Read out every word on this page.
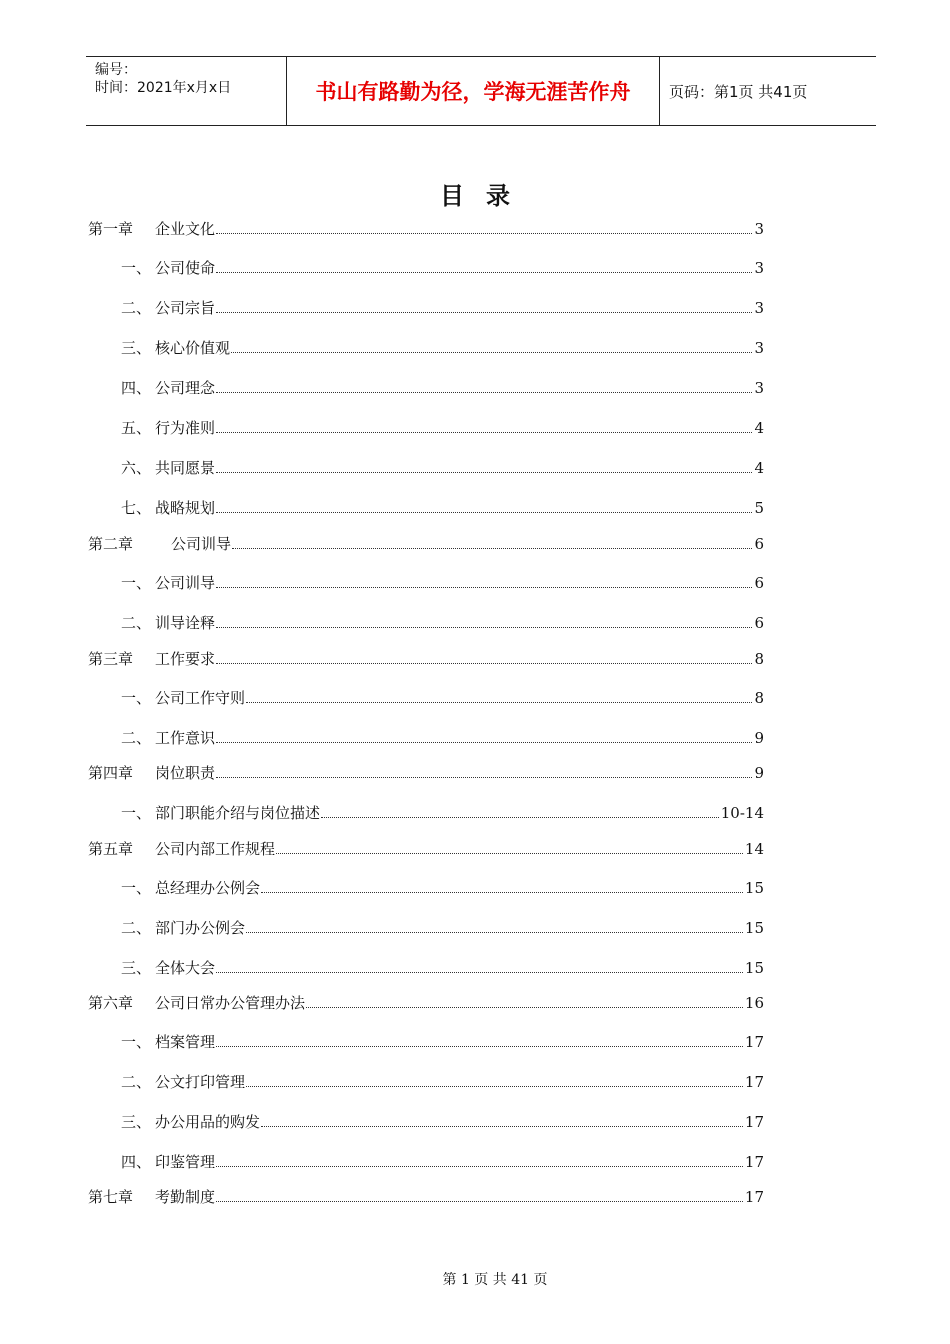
编号：
时间：2021年x月x日	书山有路勤为径，学海无涯苦作舟	页码：第1页 共41页
目录
第一章 企业文化	3
一、 公司使命	3
二、 公司宗旨	3
三、 核心价值观	3
四、 公司理念	3
五、 行为准则	4
六、 共同愿景	4
七、 战略规划	5
第二章	公司训导	6
一、 公司训导	6
二、 训导诠释	6
第三章 工作要求	8
一、 公司工作守则	8
二、 工作意识	9
第四章 岗位职责	9
一、 部门职能介绍与岗位描述	10-14
第五章 公司内部工作规程	14
一、 总经理办公例会	15
二、 部门办公例会	15
三、 全体大会	15
第六章 公司日常办公管理办法	16
一、 档案管理	17
二、 公文打印管理	17
三、 办公用品的购发	17
四、 印鉴管理	17
第七章 考勤制度	17
第 1 页 共 41 页
